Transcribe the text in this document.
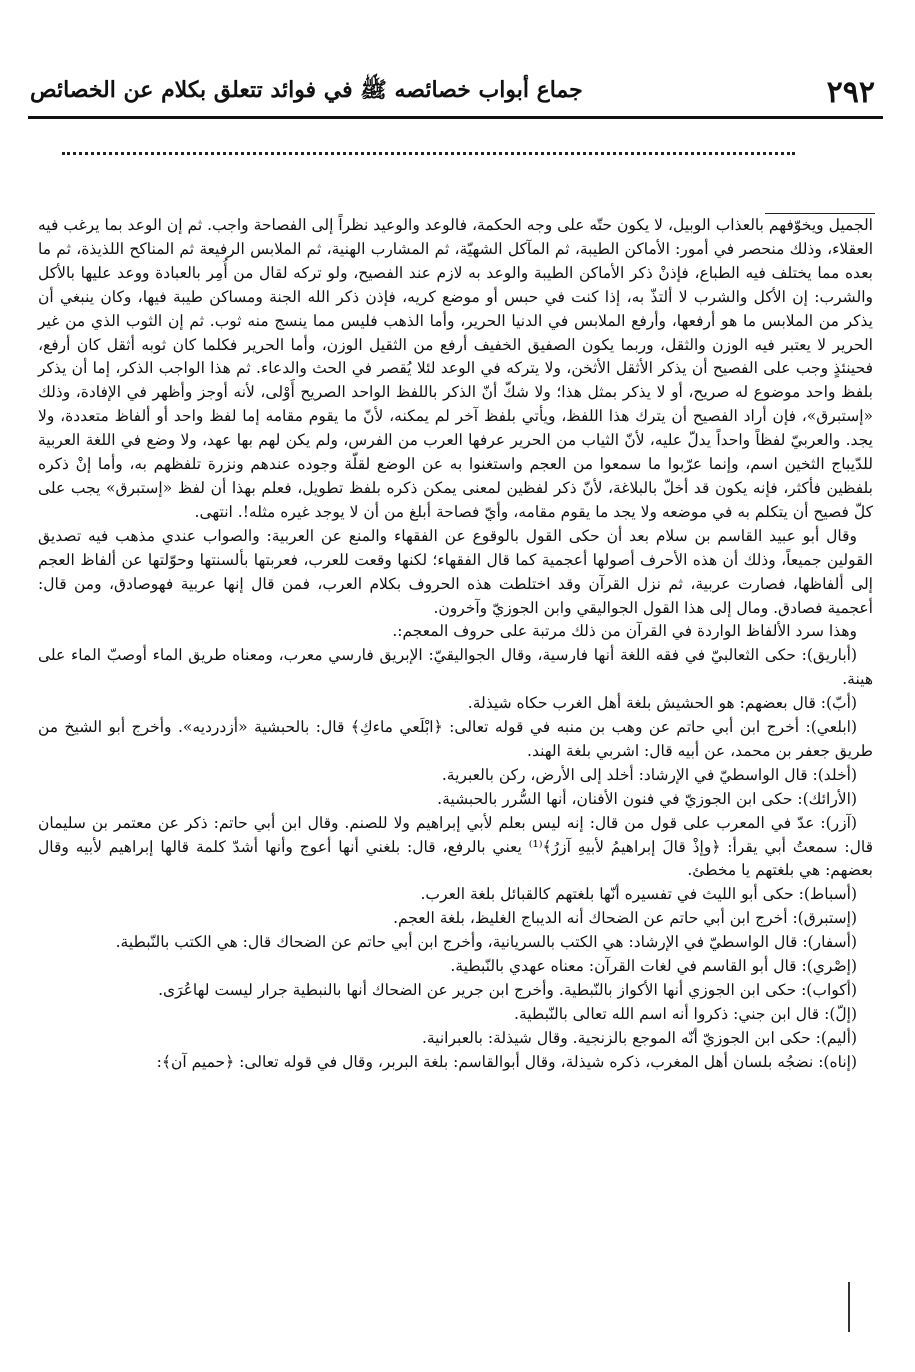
٢٩٢
جماع أبواب خصائصه ﷺ في فوائد تتعلق بكلام عن الخصائص

الجميل ويخوّفهم بالعذاب الوبيل، لا يكون حتّه على وجه الحكمة، فالوعد والوعيد نظراً إلى الفصاحة واجب. ثم إن الوعد بما يرغب فيه العقلاء، وذلك منحصر في أمور: الأماكن الطيبة، ثم المآكل الشهيّة، ثم المشارب الهنية، ثم الملابس الرفيعة ثم المناكح اللذيذة، ثم ما بعده مما يختلف فيه الطباع، فإذنْ ذكر الأماكن الطيبة والوعد به لازم عند الفصيح، ولو تركه لقال من أُمِر بالعبادة ووعد عليها بالأكل والشرب: إن الأكل والشرب لا ألتذّ به، إذا كنت في حبس أو موضع كريه، فإذن ذكر الله الجنة ومساكن طيبة فيها، وكان ينبغي أن يذكر من الملابس ما هو أرفعها، وأرفع الملابس في الدنيا الحرير، وأما الذهب فليس مما ينسج منه ثوب. ثم إن الثوب الذي من غير الحرير لا يعتبر فيه الوزن والثقل، وربما يكون الصفيق الخفيف أرفع من الثقيل الوزن، وأما الحرير فكلما كان ثوبه أثقل كان أرفع، فحينئذٍ وجب على الفصيح أن يذكر الأثقل الأثخن، ولا يتركه في الوعد لئلا يُقصر في الحث والدعاء. ثم هذا الواجب الذكر، إما أن يذكر بلفظ واحد موضوع له صريح، أو لا يذكر بمثل هذا؛ ولا شكّ أنّ الذكر باللفظ الواحد الصريح أَوْلى، لأنه أوجز وأظهر في الإفادة، وذلك «إستبرق»، فإن أراد الفصيح أن يترك هذا اللفظ، ويأتي بلفظ آخر لم يمكنه، لأنّ ما يقوم مقامه إما لفظ واحد أو ألفاظ متعددة، ولا يجد. والعربيّ لفظاً واحداً يدلّ عليه، لأنّ الثياب من الحرير عرفها العرب من الفرس، ولم يكن لهم بها عهد، ولا وضع في اللغة العربية للدّيباج الثخين اسم، وإنما عرّبوا ما سمعوا من العجم واستغنوا به عن الوضع لقلّة وجوده عندهم ونزرة تلفظهم به، وأما إنْ ذكره بلفظين فأكثر، فإنه يكون قد أخلّ بالبلاغة، لأنّ ذكر لفظين لمعنى يمكن ذكره بلفظ تطويل، فعلم بهذا أن لفظ «إستبرق» يجب على كلّ فصيح أن يتكلم به في موضعه ولا يجد ما يقوم مقامه، وأيّ فصاحة أبلغ من أن لا يوجد غيره مثله!. انتهى.

وقال أبو عبيد القاسم بن سلام بعد أن حكى القول بالوقوع عن الفقهاء والمنع عن العربية: والصواب عندي مذهب فيه تصديق القولين جميعاً، وذلك أن هذه الأحرف أصولها أعجمية كما قال الفقهاء؛ لكنها وقعت للعرب، فعربتها بألسنتها وحوّلتها عن ألفاظ العجم إلى ألفاظها، فصارت عربية، ثم نزل القرآن وقد اختلطت هذه الحروف بكلام العرب، فمن قال إنها عربية فهوصادق، ومن قال: أعجمية فصادق. ومال إلى هذا القول الجواليقي وابن الجوزيّ وآخرون.

وهذا سرد الألفاظ الواردة في القرآن من ذلك مرتبة على حروف المعجم:.

(أباريق): حكى الثعالبيّ في فقه اللغة أنها فارسية، وقال الجواليقيّ: الإبريق فارسي معرب، ومعناه طريق الماء أوصبّ الماء على هينة.

(أبّ): قال بعضهم: هو الحشيش بلغة أهل الغرب حكاه شيذلة.

(ابلعي): أخرج ابن أبي حاتم عن وهب بن منبه في قوله تعالى: ﴿ابْلَعي ماءكِ﴾ قال: بالحبشية «أزدرديه». وأخرج أبو الشيخ من طريق جعفر بن محمد، عن أبيه قال: اشربي بلغة الهند.

(أخلد): قال الواسطيّ في الإرشاد: أخلد إلى الأرض، ركن بالعبرية.

(الأرائك): حكى ابن الجوزيّ في فنون الأفنان، أنها السُّرر بالحبشية.

(آزر): عدّ في المعرب على قول من قال: إنه ليس بعلم لأبي إبراهيم ولا للصنم. وقال ابن أبي حاتم: ذكر عن معتمر بن سليمان قال: سمعتُ أبي يقرأ: ﴿وإذْ قالَ إبراهيمُ لأبيهِ آزرُ﴾⁽¹⁾ يعني بالرفع، قال: بلغني أنها أعوج وأنها أشدّ كلمة قالها إبراهيم لأبيه وقال بعضهم: هي بلغتهم يا مخطئ.

(أسباط): حكى أبو الليث في تفسيره أنّها بلغتهم كالقبائل بلغة العرب.

(إستبرق): أخرج ابن أبي حاتم عن الضحاك أنه الديباج الغليظ، بلغة العجم.

(أسفار): قال الواسطيّ في الإرشاد: هي الكتب بالسريانية، وأخرج ابن أبي حاتم عن الضحاك قال: هي الكتب بالنّبطية.

(إصْري): قال أبو القاسم في لغات القرآن: معناه عهدي بالنّبطية.

(أكواب): حكى ابن الجوزي أنها الأكواز بالنّبطية. وأخرج ابن جرير عن الضحاك أنها بالنبطية جرار ليست لهاعُرَى.

(إلّ): قال ابن جني: ذكروا أنه اسم الله تعالى بالنّبطية.

(أليم): حكى ابن الجوزيّ أنّه الموجع بالزنجية. وقال شيذلة: بالعبرانية.

(إناه): نضجُه بلسان أهل المغرب، ذكره شيذلة، وقال أبوالقاسم: بلغة البربر، وقال في قوله تعالى: ﴿حميم آن﴾:
